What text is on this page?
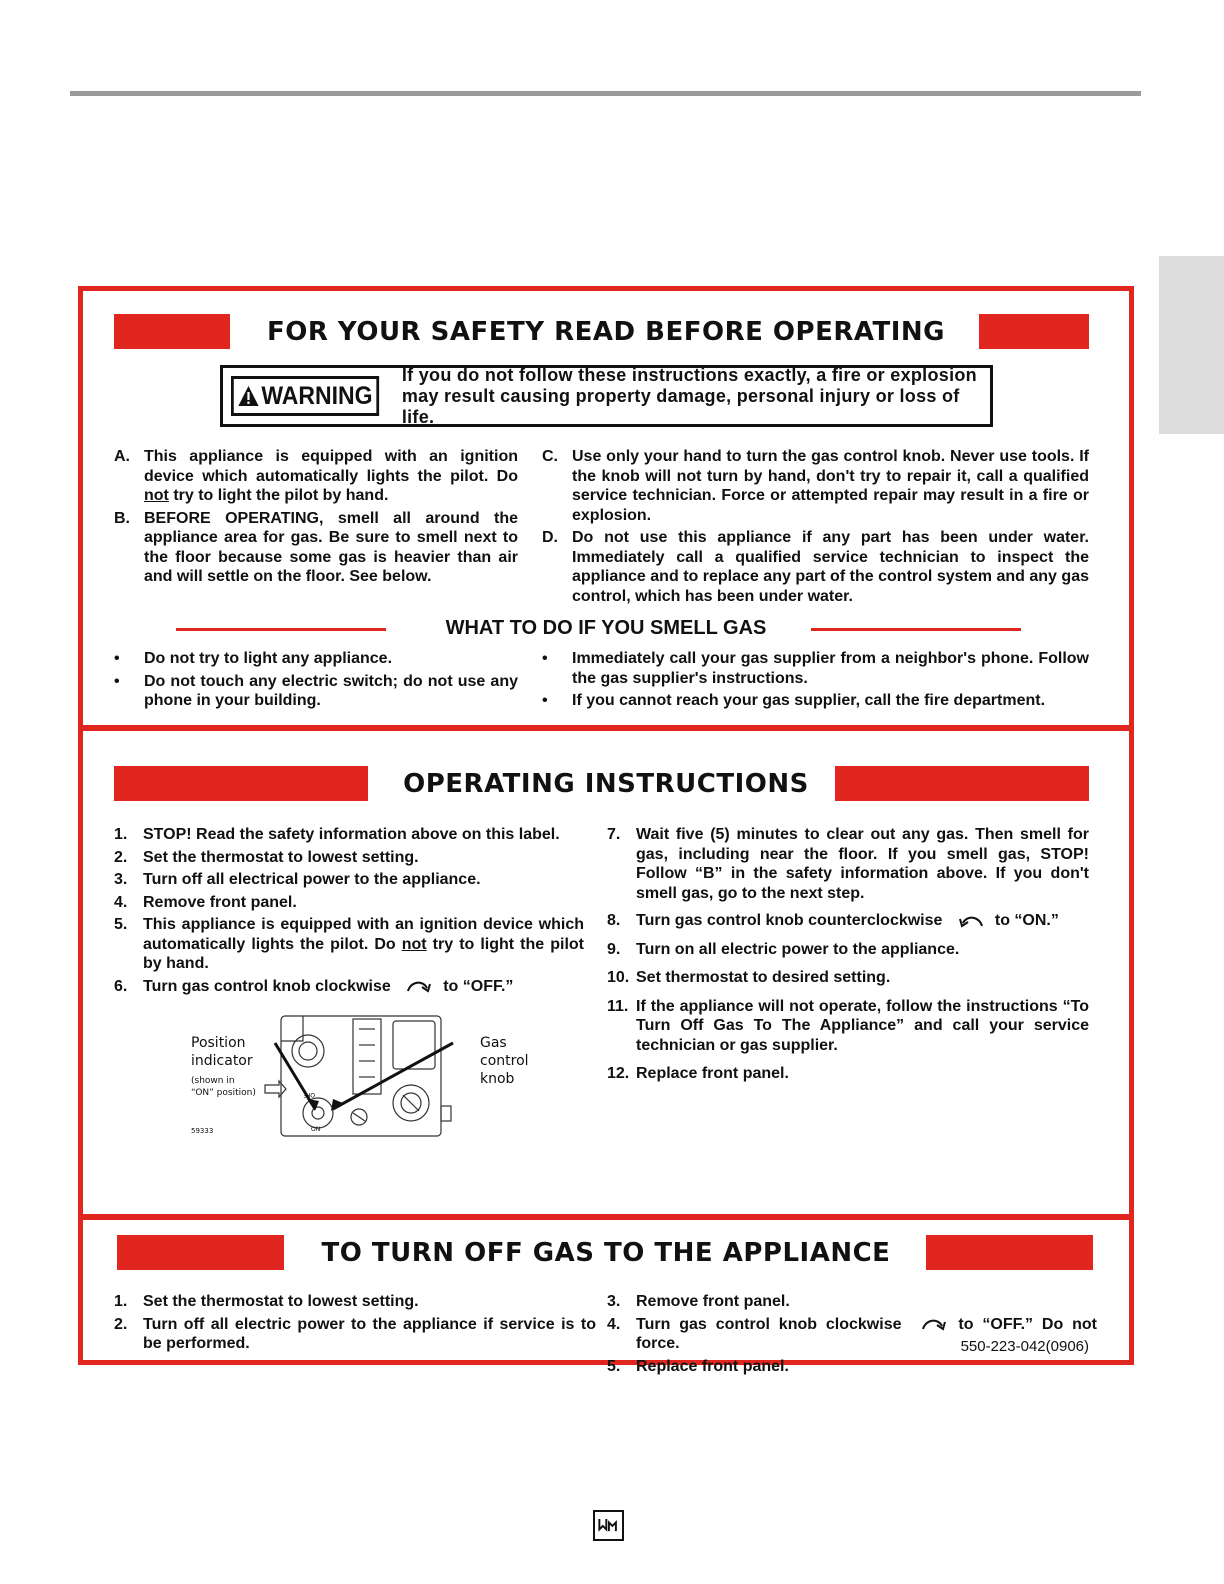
FOR YOUR SAFETY READ BEFORE OPERATING
WARNING
If you do not follow these instructions exactly, a fire or explosion
may result causing property damage, personal injury or loss of life.
A. This appliance is equipped with an ignition device which automatically lights the pilot. Do not try to light the pilot by hand.
B. BEFORE OPERATING, smell all around the appliance area for gas. Be sure to smell next to the floor because some gas is heavier than air and will settle on the floor. See below.
C. Use only your hand to turn the gas control knob. Never use tools. If the knob will not turn by hand, don't try to repair it, call a qualified service technician. Force or attempted repair may result in a fire or explosion.
D. Do not use this appliance if any part has been under water. Immediately call a qualified service technician to inspect the appliance and to replace any part of the control system and any gas control, which has been under water.
WHAT TO DO IF YOU SMELL GAS
• Do not try to light any appliance.
• Do not touch any electric switch; do not use any phone in your building.
• Immediately call your gas supplier from a neighbor's phone. Follow the gas supplier's instructions.
• If you cannot reach your gas supplier, call the fire department.
OPERATING INSTRUCTIONS
1. STOP! Read the safety information above on this label.
2. Set the thermostat to lowest setting.
3. Turn off all electrical power to the appliance.
4. Remove front panel.
5. This appliance is equipped with an ignition device which automatically lights the pilot. Do not try to light the pilot by hand.
6. Turn gas control knob clockwise	to “OFF.”
OFF
ON
Position
indicator
(shown in
“ON” position)
Gas
control
knob
59333
7. Wait five (5) minutes to clear out any gas. Then smell for gas, including near the floor. If you smell gas, STOP! Follow “B” in the safety information above. If you don't smell gas, go to the next step.
8. Turn gas control knob counterclockwise	to “ON.”
9. Turn on all electric power to the appliance.
10. Set thermostat to desired setting.
11. If the appliance will not operate, follow the instructions “To Turn Off Gas To The Appliance” and call your service technician or gas supplier.
12. Replace front panel.
TO TURN OFF GAS TO THE APPLIANCE
1. Set the thermostat to lowest setting.
2. Turn off all electric power to the appliance if service is to be performed.
3. Remove front panel.
4. Turn gas control knob clockwise	to “OFF.” Do not force.
5. Replace front panel.
550-223-042(0906)
